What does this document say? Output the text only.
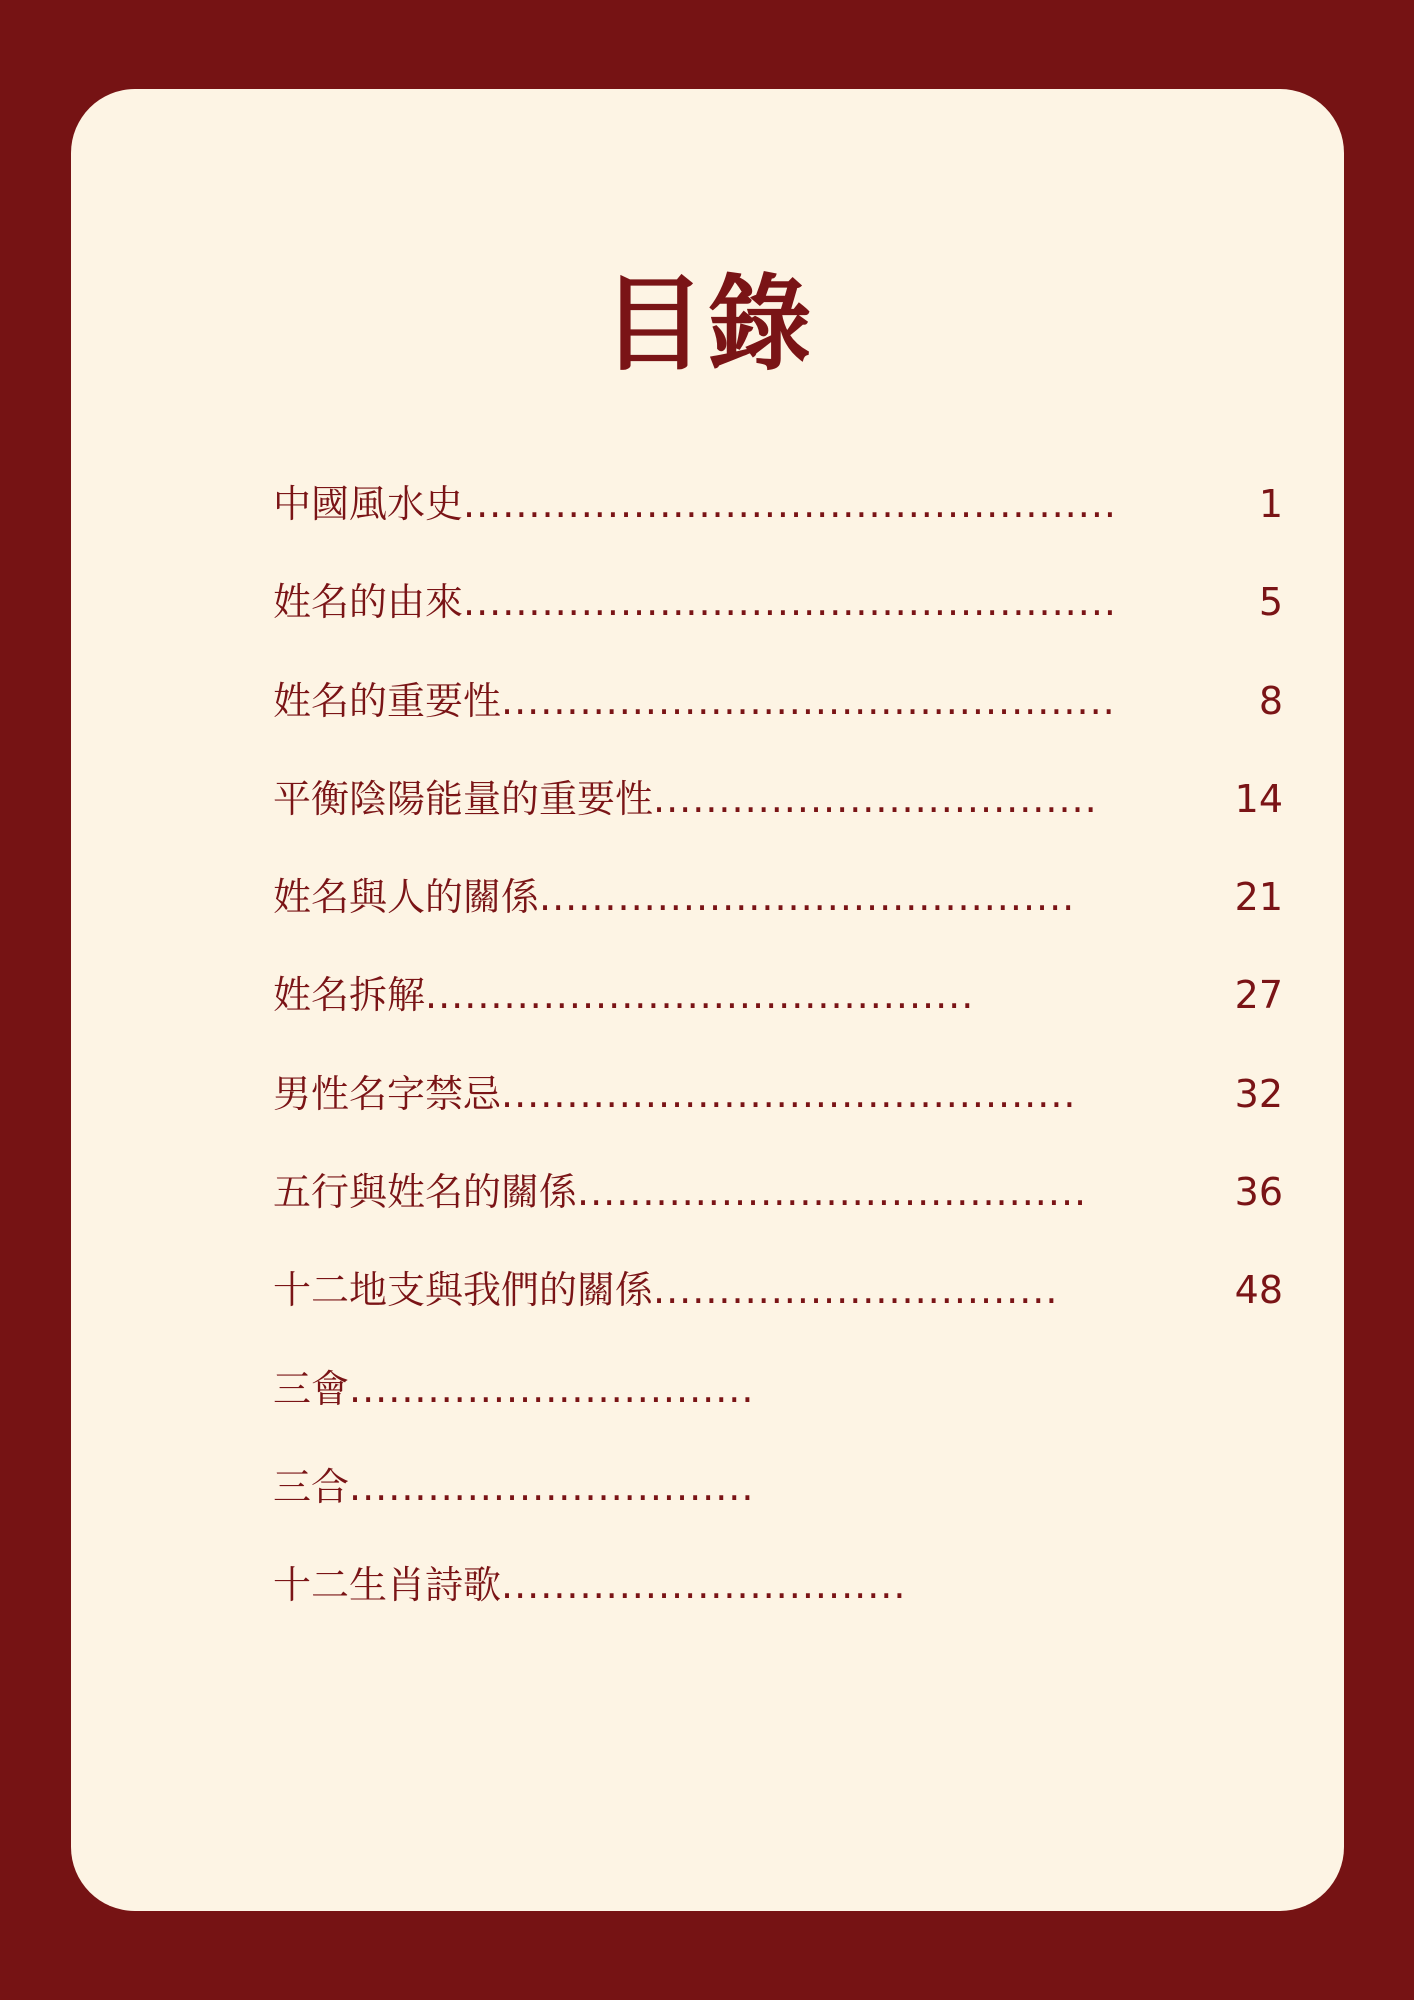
目錄
中國風水史..................................................	1
姓名的由來..................................................	5
姓名的重要性...............................................	8
平衡陰陽能量的重要性..................................	14
姓名與人的關係.........................................	21
姓名拆解..........................................	27
男性名字禁忌............................................	32
五行與姓名的關係.......................................	36
十二地支與我們的關係...............................	48
三會...............................
三合...............................
十二生肖詩歌...............................
